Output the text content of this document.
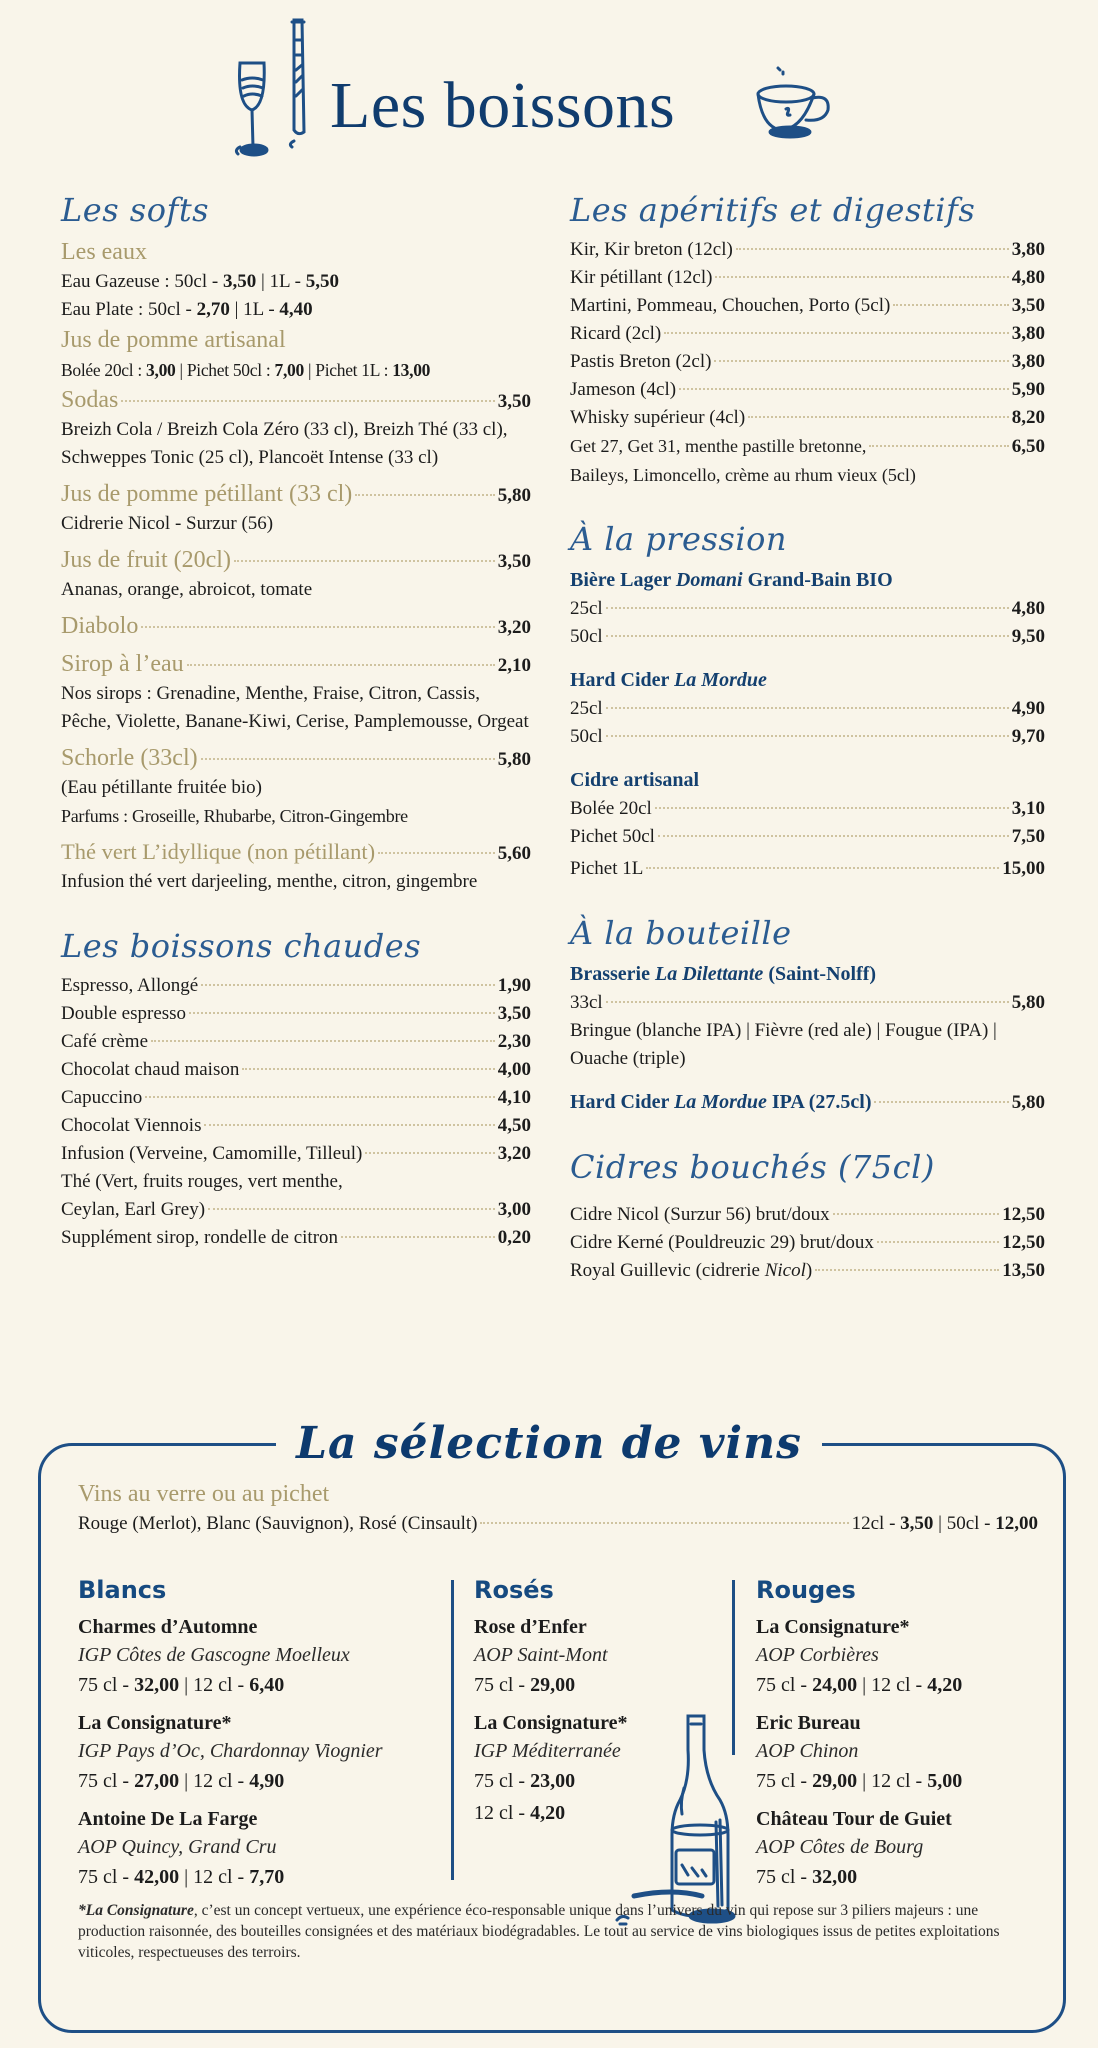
Les boissons
Les softs
Les eaux
Eau Gazeuse : 50cl - 3,50 | 1L - 5,50
Eau Plate : 50cl - 2,70 | 1L - 4,40
Jus de pomme artisanal
Bolée 20cl : 3,00 | Pichet 50cl : 7,00 | Pichet 1L : 13,00
Sodas	3,50
Breizh Cola / Breizh Cola Zéro (33 cl), Breizh Thé (33 cl), Schweppes Tonic (25 cl), Plancoët Intense (33 cl)
Jus de pomme pétillant (33 cl)	5,80
Cidrerie Nicol - Surzur (56)
Jus de fruit (20cl)	3,50
Ananas, orange, abroicot, tomate
Diabolo	3,20
Sirop à l’eau	2,10
Nos sirops : Grenadine, Menthe, Fraise, Citron, Cassis, Pêche, Violette, Banane-Kiwi, Cerise, Pamplemousse, Orgeat
Schorle (33cl)	5,80
(Eau pétillante fruitée bio)
Parfums : Groseille, Rhubarbe, Citron-Gingembre
Thé vert L’idyllique (non pétillant)	5,60
Infusion thé vert darjeeling, menthe, citron, gingembre
Les boissons chaudes
Espresso, Allongé	1,90
Double espresso	3,50
Café crème	2,30
Chocolat chaud maison	4,00
Capuccino	4,10
Chocolat Viennois	4,50
Infusion (Verveine, Camomille, Tilleul)	3,20
Thé (Vert, fruits rouges, vert menthe,
Ceylan, Earl Grey)	3,00
Supplément sirop, rondelle de citron	0,20
Les apéritifs et digestifs
Kir, Kir breton (12cl)	3,80
Kir pétillant (12cl)	4,80
Martini, Pommeau, Chouchen, Porto (5cl)	3,50
Ricard (2cl)	3,80
Pastis Breton (2cl)	3,80
Jameson (4cl)	5,90
Whisky supérieur (4cl)	8,20
Get 27, Get 31, menthe pastille bretonne,	6,50
Baileys, Limoncello, crème au rhum vieux (5cl)
À la pression
Bière Lager Domani Grand-Bain BIO
25cl	4,80
50cl	9,50
Hard Cider La Mordue
25cl	4,90
50cl	9,70
Cidre artisanal
Bolée 20cl	3,10
Pichet 50cl	7,50
Pichet 1L	15,00
À la bouteille
Brasserie La Dilettante (Saint-Nolff)
33cl	5,80
Bringue (blanche IPA) | Fièvre (red ale) | Fougue (IPA) | Ouache (triple)
Hard Cider La Mordue IPA (27.5cl)	5,80
Cidres bouchés (75cl)
Cidre Nicol (Surzur 56) brut/doux	12,50
Cidre Kerné (Pouldreuzic 29) brut/doux	12,50
Royal Guillevic (cidrerie Nicol)	13,50
La sélection de vins
Vins au verre ou au pichet
Rouge (Merlot), Blanc (Sauvignon), Rosé (Cinsault)	12cl - 3,50 | 50cl - 12,00
Blancs
Charmes d’Automne
IGP Côtes de Gascogne Moelleux
75 cl - 32,00 | 12 cl - 6,40
La Consignature*
IGP Pays d’Oc, Chardonnay Viognier
75 cl - 27,00 | 12 cl - 4,90
Antoine De La Farge
AOP Quincy, Grand Cru
75 cl - 42,00 | 12 cl - 7,70
Rosés
Rose d’Enfer
AOP Saint-Mont
75 cl - 29,00
La Consignature*
IGP Méditerranée
75 cl - 23,00
12 cl - 4,20
Rouges
La Consignature*
AOP Corbières
75 cl - 24,00 | 12 cl - 4,20
Eric Bureau
AOP Chinon
75 cl - 29,00 | 12 cl - 5,00
Château Tour de Guiet
AOP Côtes de Bourg
75 cl - 32,00
*La Consignature, c’est un concept vertueux, une expérience éco-responsable unique dans l’univers du vin qui repose sur 3 piliers majeurs : une production raisonnée, des bouteilles consignées et des matériaux biodégradables. Le tout au service de vins biologiques issus de petites exploitations viticoles, respectueuses des terroirs.
